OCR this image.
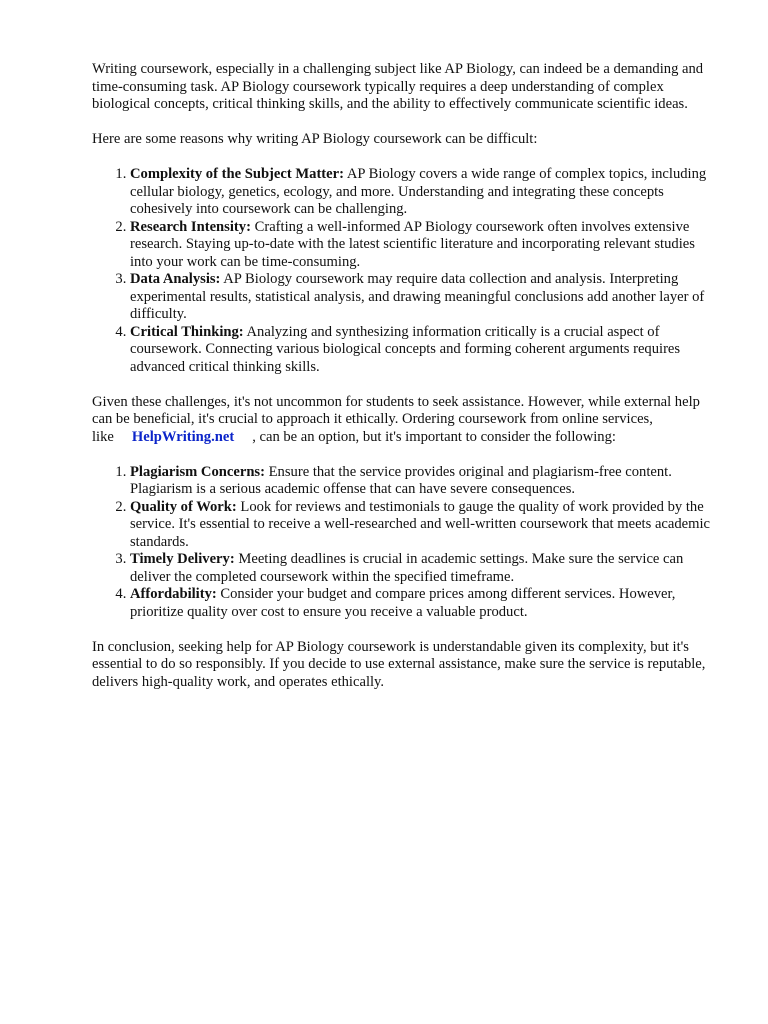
Writing coursework, especially in a challenging subject like AP Biology, can indeed be a demanding and time-consuming task. AP Biology coursework typically requires a deep understanding of complex biological concepts, critical thinking skills, and the ability to effectively communicate scientific ideas.

Here are some reasons why writing AP Biology coursework can be difficult:

1. Complexity of the Subject Matter: AP Biology covers a wide range of complex topics, including cellular biology, genetics, ecology, and more. Understanding and integrating these concepts cohesively into coursework can be challenging.
2. Research Intensity: Crafting a well-informed AP Biology coursework often involves extensive research. Staying up-to-date with the latest scientific literature and incorporating relevant studies into your work can be time-consuming.
3. Data Analysis: AP Biology coursework may require data collection and analysis. Interpreting experimental results, statistical analysis, and drawing meaningful conclusions add another layer of difficulty.
4. Critical Thinking: Analyzing and synthesizing information critically is a crucial aspect of coursework. Connecting various biological concepts and forming coherent arguments requires advanced critical thinking skills.

Given these challenges, it's not uncommon for students to seek assistance. However, while external help can be beneficial, it's crucial to approach it ethically. Ordering coursework from online services, like HelpWriting.net , can be an option, but it's important to consider the following:

1. Plagiarism Concerns: Ensure that the service provides original and plagiarism-free content. Plagiarism is a serious academic offense that can have severe consequences.
2. Quality of Work: Look for reviews and testimonials to gauge the quality of work provided by the service. It's essential to receive a well-researched and well-written coursework that meets academic standards.
3. Timely Delivery: Meeting deadlines is crucial in academic settings. Make sure the service can deliver the completed coursework within the specified timeframe.
4. Affordability: Consider your budget and compare prices among different services. However, prioritize quality over cost to ensure you receive a valuable product.

In conclusion, seeking help for AP Biology coursework is understandable given its complexity, but it's essential to do so responsibly. If you decide to use external assistance, make sure the service is reputable, delivers high-quality work, and operates ethically.
